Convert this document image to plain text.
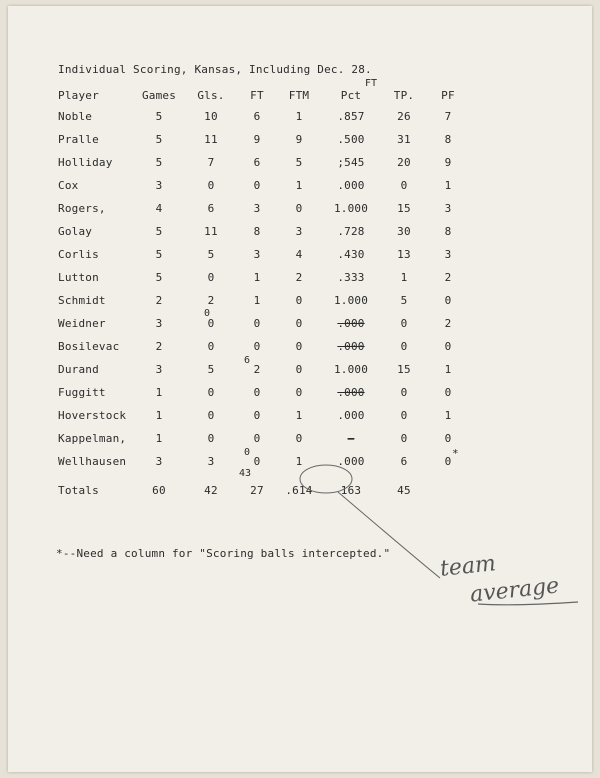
Individual Scoring, Kansas, Including Dec. 28.
FT
Player	Games	Gls.	FT	FTM	Pct	TP.	PF
Noble	5	10	6	1	.857	26	7
Pralle	5	11	9	9	.500	31	8
Holliday	5	7	6	5	;545	20	9
Cox	3	0	0	1	.000	0	1
Rogers,	4	6	3	0	1.000	15	3
Golay	5	11	8	3	.728	30	8
Corlis	5	5	3	4	.430	13	3
Lutton	5	0	1	2	.333	1	2
Schmidt	2	2	1	0	1.000	5	0
Weidner	3	0	0	0	.000	0	2
Bosilevac	2	0	0	0	.000	0	0
Durand	3	5	2	0	1.000	15	1
Fuggitt	1	0	0	0	.000	0	0
Hoverstock	1	0	0	1	.000	0	1
Kappelman,	1	0	0	0	—	0	0
Wellhausen	3	3	0	1	.000	6	0
Totals	60	42	27	.614	163	45	
0
6
0
43
*
*--Need a column for "Scoring balls intercepted." team
average
